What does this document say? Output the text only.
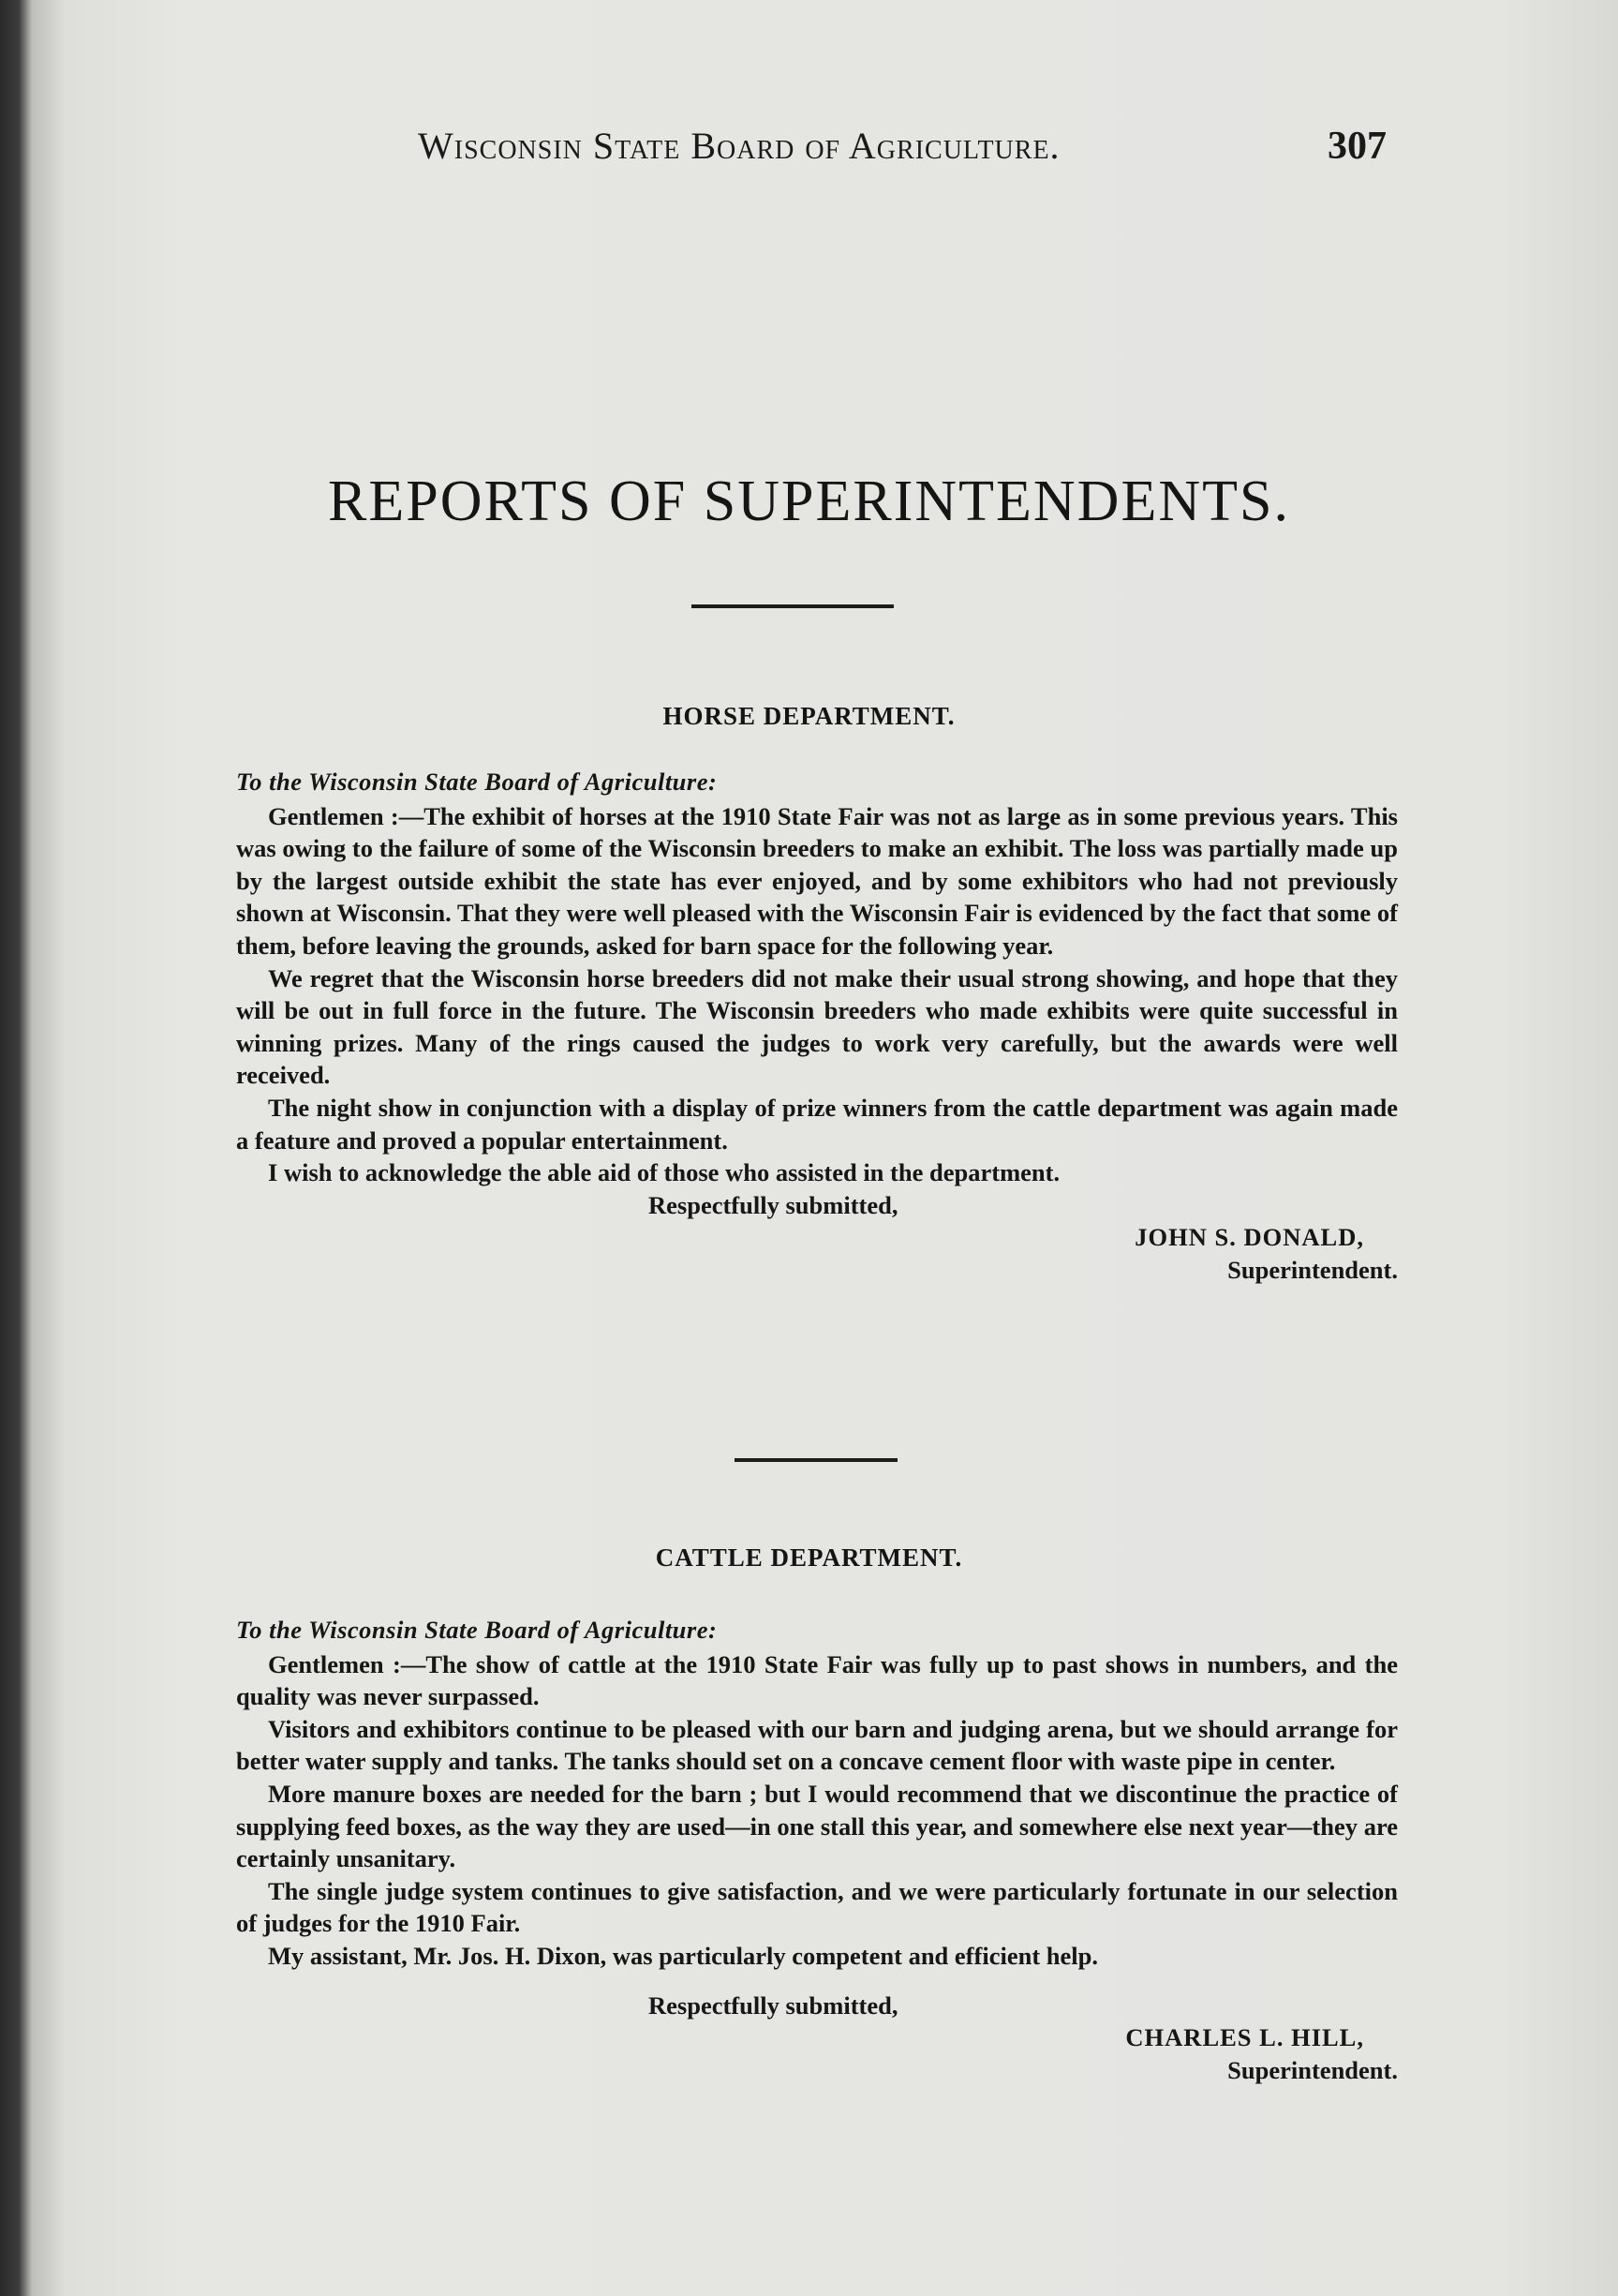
Wisconsin State Board of Agriculture.	307
REPORTS OF SUPERINTENDENTS.
HORSE DEPARTMENT.

To the Wisconsin State Board of Agriculture:

Gentlemen :—The exhibit of horses at the 1910 State Fair was not as large as in some previous years. This was owing to the failure of some of the Wisconsin breeders to make an exhibit. The loss was partially made up by the largest outside exhibit the state has ever enjoyed, and by some exhibitors who had not previously shown at Wisconsin. That they were well pleased with the Wisconsin Fair is evidenced by the fact that some of them, before leaving the grounds, asked for barn space for the following year.

We regret that the Wisconsin horse breeders did not make their usual strong showing, and hope that they will be out in full force in the future. The Wisconsin breeders who made exhibits were quite successful in winning prizes. Many of the rings caused the judges to work very carefully, but the awards were well received.

The night show in conjunction with a display of prize winners from the cattle department was again made a feature and proved a popular entertainment.

I wish to acknowledge the able aid of those who assisted in the department.

Respectfully submitted,

JOHN S. DONALD,

Superintendent.

CATTLE DEPARTMENT.

To the Wisconsin State Board of Agriculture:

Gentlemen :—The show of cattle at the 1910 State Fair was fully up to past shows in numbers, and the quality was never surpassed.

Visitors and exhibitors continue to be pleased with our barn and judging arena, but we should arrange for better water supply and tanks. The tanks should set on a concave cement floor with waste pipe in center.

More manure boxes are needed for the barn ; but I would recommend that we discontinue the practice of supplying feed boxes, as the way they are used—in one stall this year, and somewhere else next year—they are certainly unsanitary.

The single judge system continues to give satisfaction, and we were particularly fortunate in our selection of judges for the 1910 Fair.

My assistant, Mr. Jos. H. Dixon, was particularly competent and efficient help.

Respectfully submitted,

CHARLES L. HILL,

Superintendent.
